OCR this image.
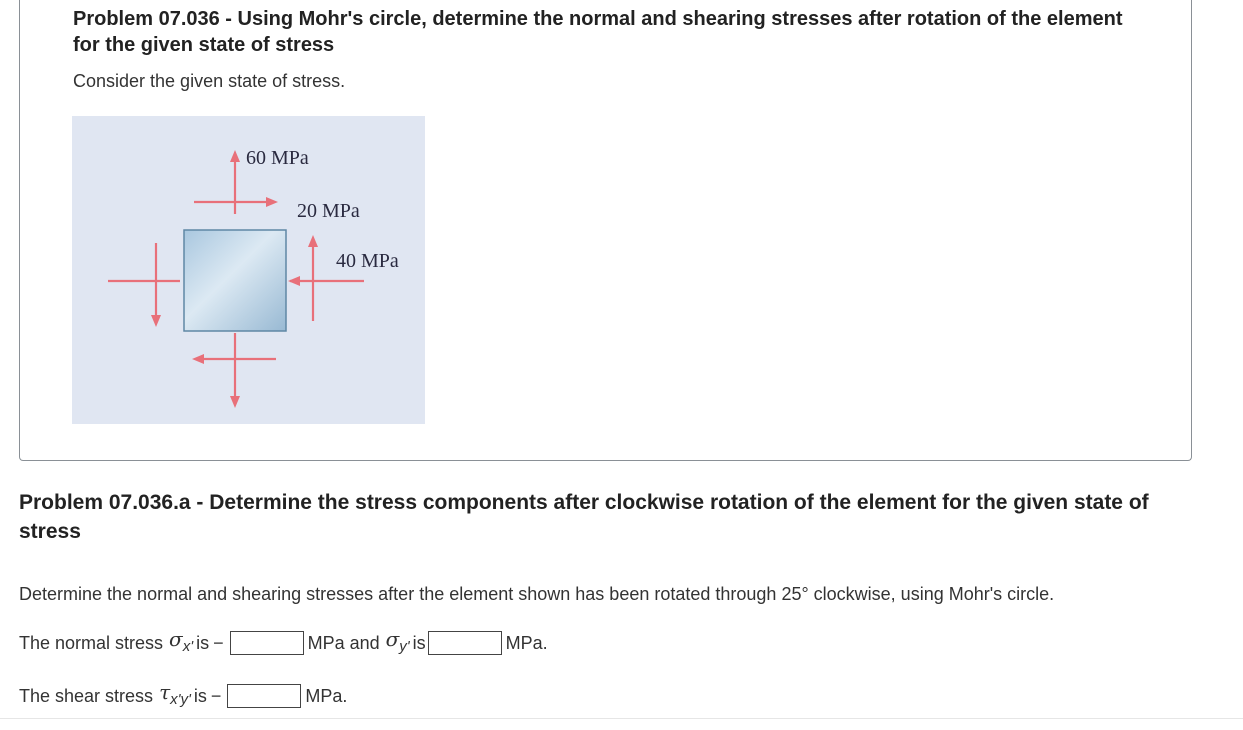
Problem 07.036 - Using Mohr's circle, determine the normal and shearing stresses after rotation of the element for the given state of stress
Consider the given state of stress.
60 MPa
20 MPa
40 MPa
Problem 07.036.a - Determine the stress components after clockwise rotation of the element for the given state of stress
Determine the normal and shearing stresses after the element shown has been rotated through 25° clockwise, using Mohr's circle.
The normal stress $\sigma_{x'}$ is −	MPa and $\sigma_{y'}$ is	MPa.
The shear stress $\tau_{x'y'}$ is −	MPa.
